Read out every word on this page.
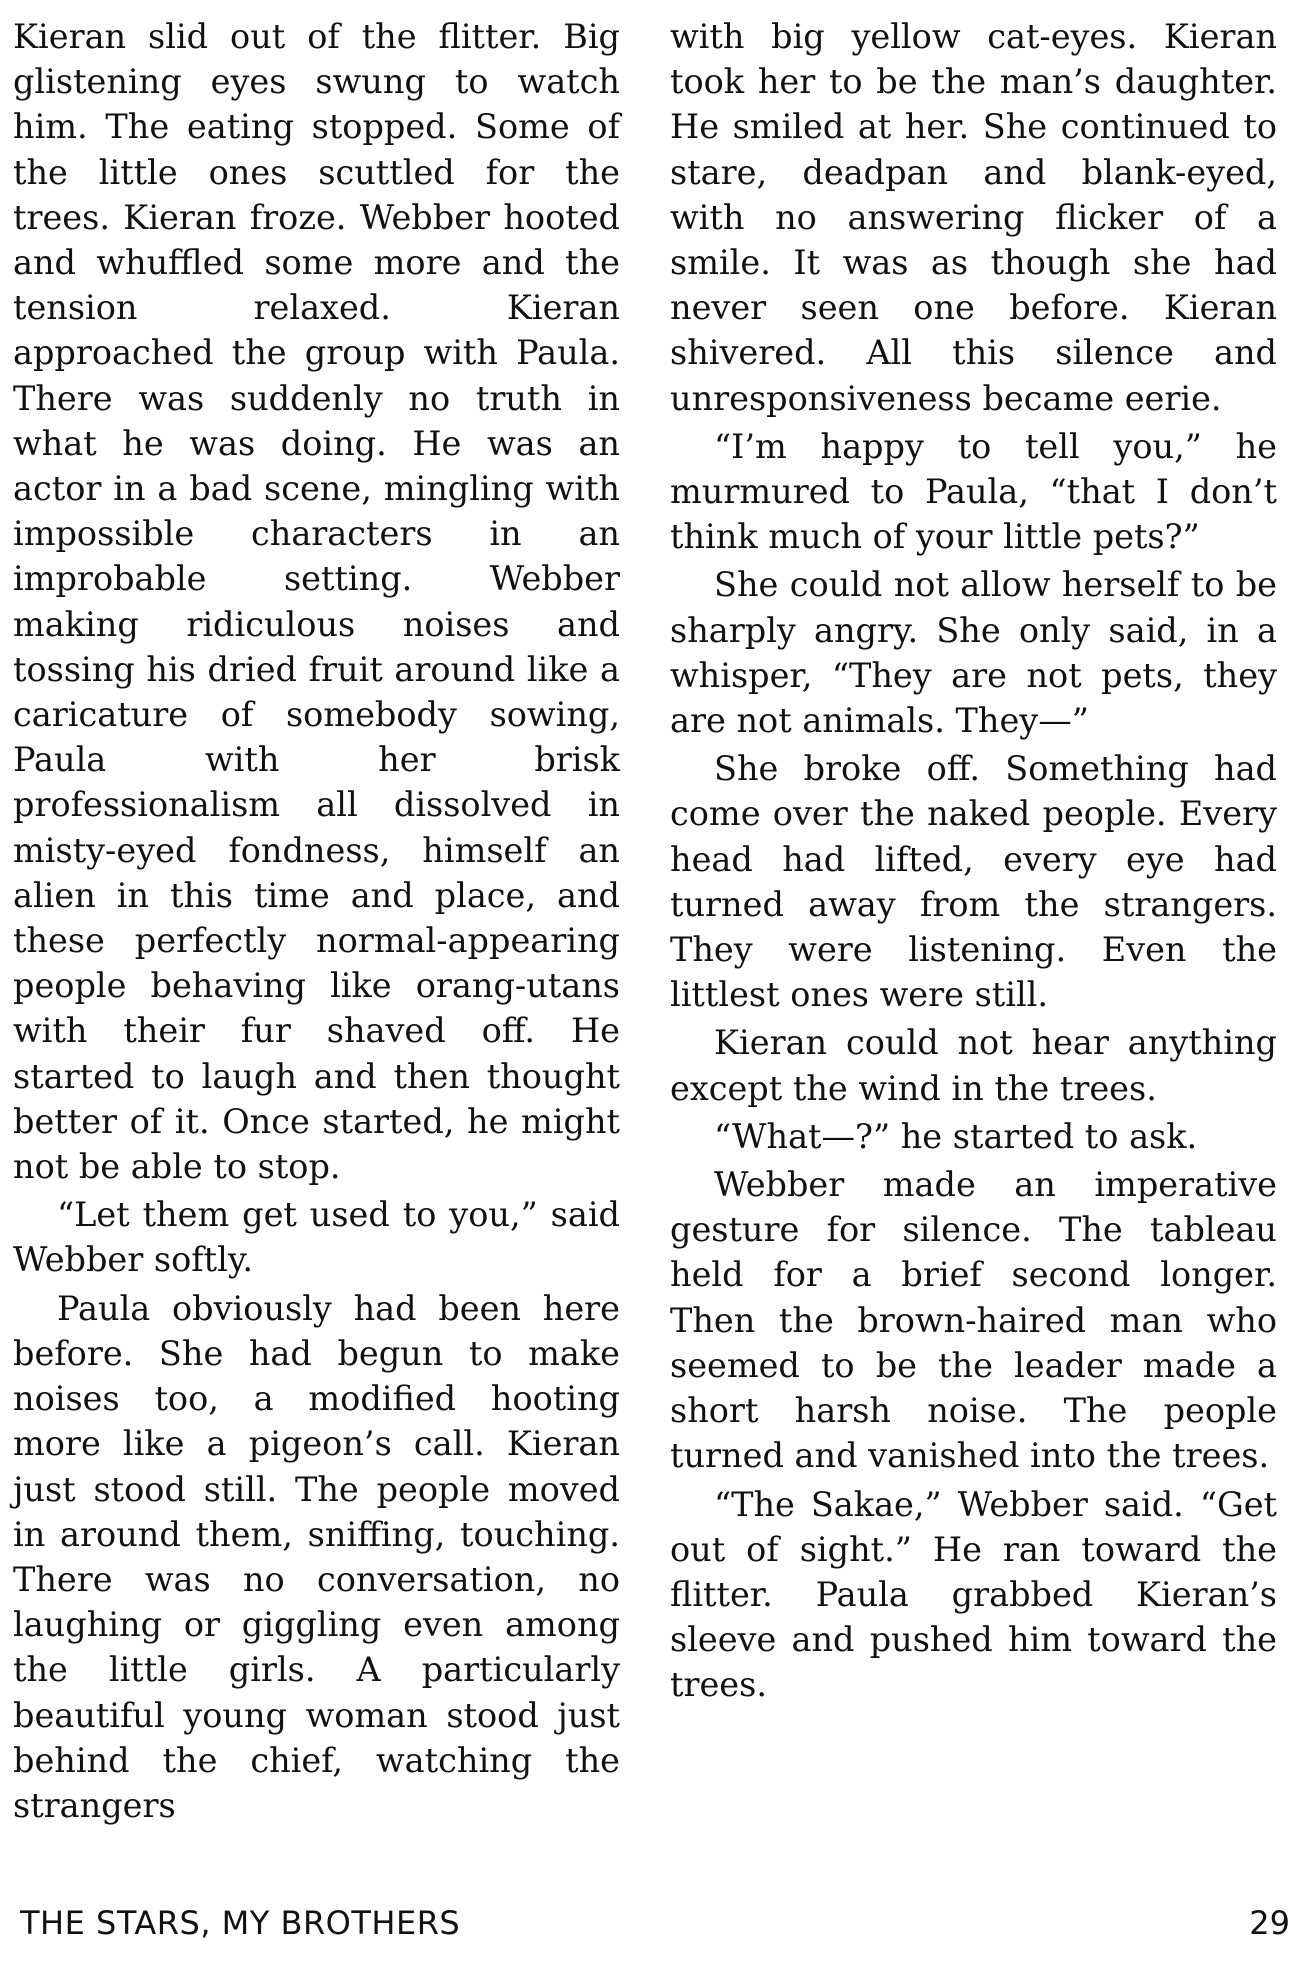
Kieran slid out of the flitter. Big glistening eyes swung to watch him. The eating stopped. Some of the little ones scuttled for the trees. Kieran froze. Webber hooted and whuffled some more and the tension relaxed. Kieran approached the group with Paula. There was suddenly no truth in what he was doing. He was an actor in a bad scene, mingling with impossible characters in an improbable setting. Webber making ridiculous noises and tossing his dried fruit around like a caricature of somebody sowing, Paula with her brisk professionalism all dissolved in misty-eyed fondness, himself an alien in this time and place, and these perfectly normal-appearing people behaving like orang-utans with their fur shaved off. He started to laugh and then thought better of it. Once started, he might not be able to stop.

“Let them get used to you,” said Webber softly.

Paula obviously had been here before. She had begun to make noises too, a modified hooting more like a pigeon’s call. Kieran just stood still. The people moved in around them, sniffing, touching. There was no conversation, no laughing or giggling even among the little girls. A particularly beautiful young woman stood just behind the chief, watching the strangers

with big yellow cat-eyes. Kieran took her to be the man’s daughter. He smiled at her. She continued to stare, deadpan and blank-eyed, with no answering flicker of a smile. It was as though she had never seen one before. Kieran shivered. All this silence and unresponsiveness became eerie.

“I’m happy to tell you,” he murmured to Paula, “that I don’t think much of your little pets?”

She could not allow herself to be sharply angry. She only said, in a whisper, “They are not pets, they are not animals. They—”

She broke off. Something had come over the naked people. Every head had lifted, every eye had turned away from the strangers. They were listening. Even the littlest ones were still.

Kieran could not hear anything except the wind in the trees.

“What—?” he started to ask.

Webber made an imperative gesture for silence. The tableau held for a brief second longer. Then the brown-haired man who seemed to be the leader made a short harsh noise. The people turned and vanished into the trees.

“The Sakae,” Webber said. “Get out of sight.” He ran toward the flitter. Paula grabbed Kieran’s sleeve and pushed him toward the trees.

THE STARS, MY BROTHERS	29
